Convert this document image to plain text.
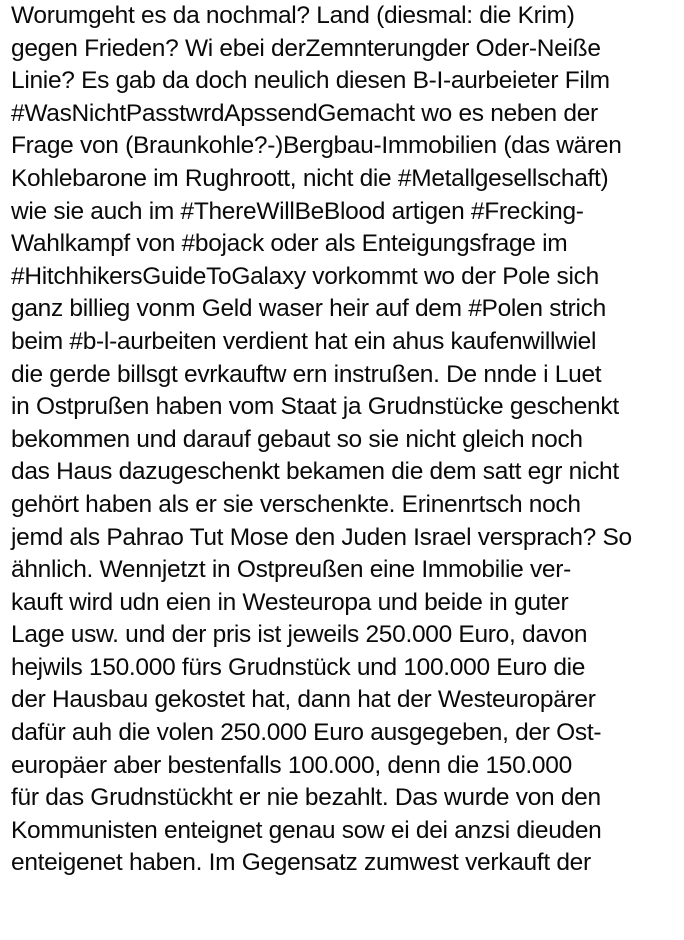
Worumgeht es da nochmal? Land (diesmal: die Krim)
gegen Frieden? Wi ebei derZemnterungder Oder-Neiße
Linie? Es gab da doch neulich diesen B-I-aurbeieter Film
#WasNichtPasstwrdApssendGemacht wo es neben der
Frage von (Braunkohle?-)Bergbau-Immobilien (das wären
Kohlebarone im Rughroott, nicht die #Metallgesellschaft)
wie sie auch im #ThereWillBeBlood artigen #Frecking-
Wahlkampf von #bojack oder als Enteigungsfrage im
#HitchhikersGuideToGalaxy vorkommt wo der Pole sich
ganz billieg vonm Geld waser heir auf dem #Polen strich
beim #b-l-aurbeiten verdient hat ein ahus kaufenwillwiel
die gerde billsgt evrkauftw ern instrußen. De nnde i Luet
in Ostprußen haben vom Staat ja Grudnstücke geschenkt
bekommen und darauf gebaut so sie nicht gleich noch
das Haus dazugeschenkt bekamen die dem satt egr nicht
gehört haben als er sie verschenkte. Erinenrtsch noch
jemd als Pahrao Tut Mose den Juden Israel versprach? So
ähnlich. Wennjetzt in Ostpreußen eine Immobilie ver-
kauft wird udn eien in Westeuropa und beide in guter
Lage usw. und der pris ist jeweils 250.000 Euro, davon
hejwils 150.000 fürs Grudnstück und 100.000 Euro die
der Hausbau gekostet hat, dann hat der Westeuropärer
dafür auh die volen 250.000 Euro ausgegeben, der Ost-
europäer aber bestenfalls 100.000, denn die 150.000
für das Grudnstückht er nie bezahlt. Das wurde von den
Kommunisten enteignet genau sow ei dei anzsi dieuden
enteigenet haben. Im Gegensatz zumwest verkauft der
